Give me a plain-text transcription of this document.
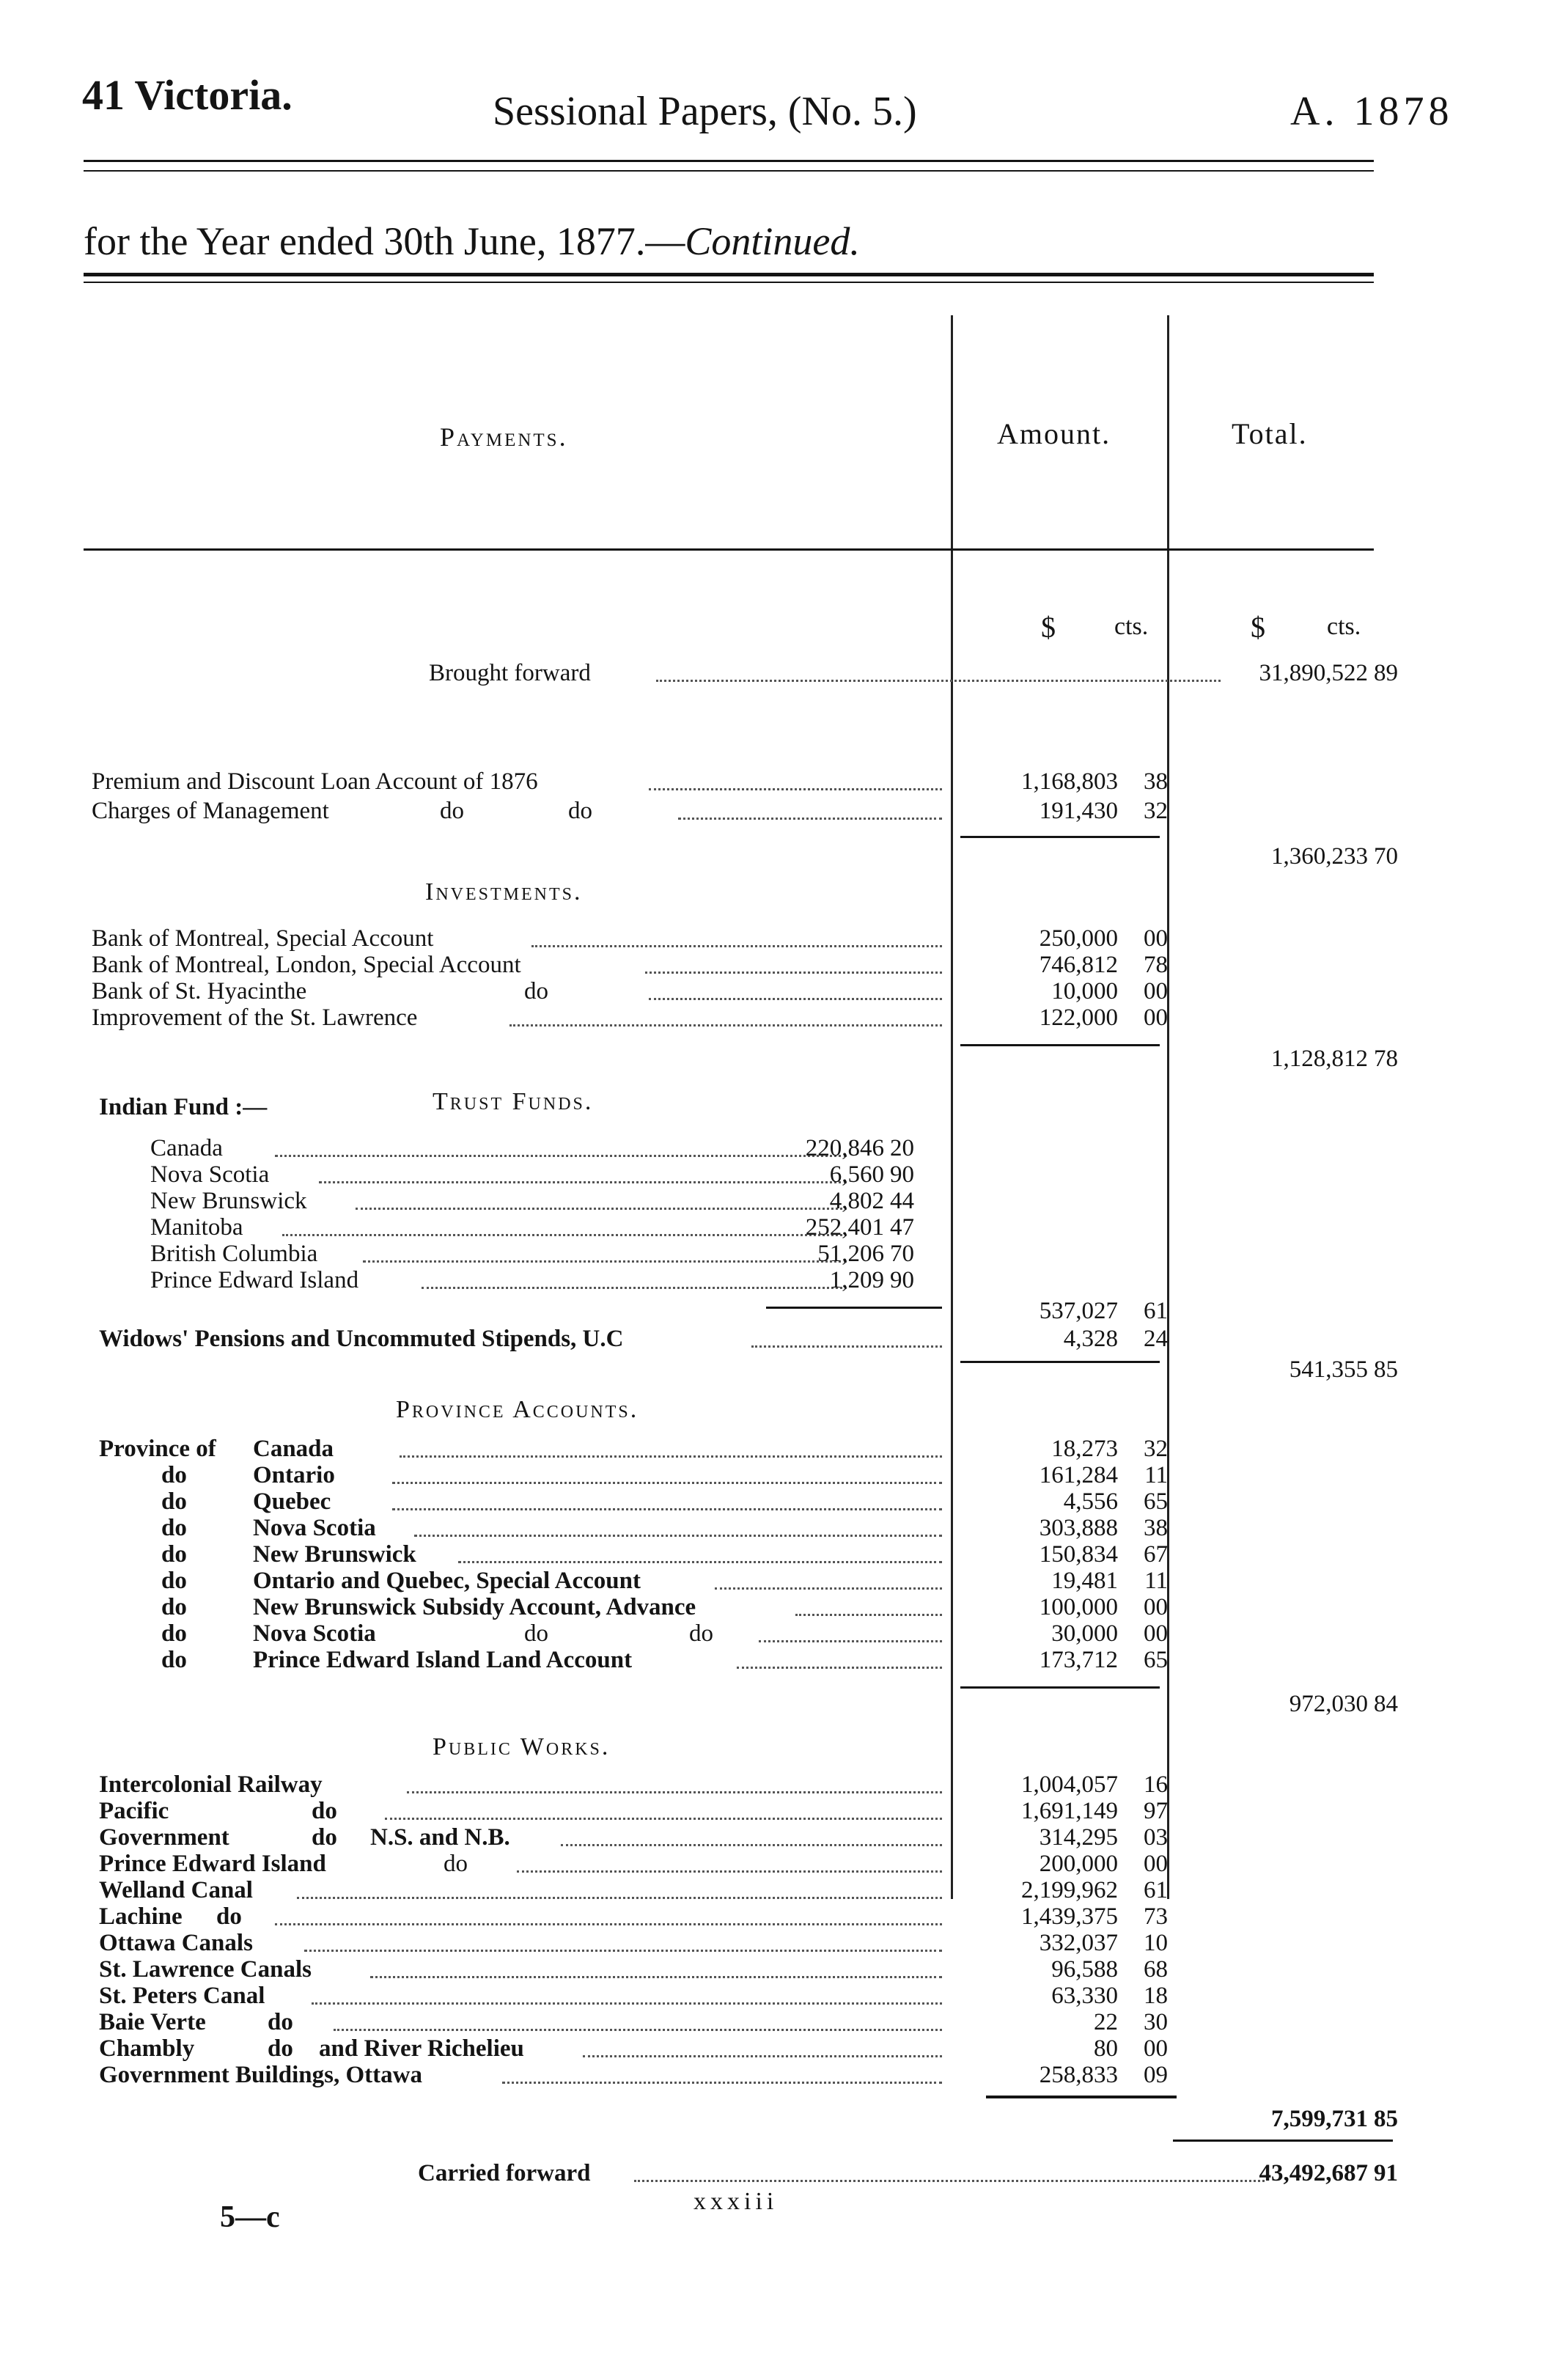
41 Victoria.	Sessional Papers, (No. 5.)	A. 1878
for the Year ended 30th June, 1877.—Continued.
Payments.	Amount.	Total.
$ cts.	$ cts.
Brought forward	31,890,522 89
Premium and Discount Loan Account of 1876	1,168,803	38
Charges of Management	do	do	191,430	32
1,360,233 70
Investments.
Bank of Montreal, Special Account	250,000	00
Bank of Montreal, London, Special Account	746,812	78
Bank of St. Hyacinthe	do	10,000	00
Improvement of the St. Lawrence	122,000	00
1,128,812 78
Trust Funds.
Indian Fund :—
Canada	220,846 20
Nova Scotia	6,560 90
New Brunswick	4,802 44
Manitoba	252,401 47
British Columbia	51,206 70
Prince Edward Island	1,209 90
537,027	61
Widows' Pensions and Uncommuted Stipends, U.C	4,328	24
541,355 85
Province Accounts.
Province of Canada	18,273	32
do	Ontario	161,284	11
do	Quebec	4,556	65
do	Nova Scotia	303,888	38
do	New Brunswick	150,834	67
do	Ontario and Quebec, Special Account	19,481	11
do	New Brunswick Subsidy Account, Advance	100,000	00
do	Nova Scotia	do	do	30,000	00
do	Prince Edward Island Land Account	173,712	65
972,030 84
Public Works.
Intercolonial Railway	1,004,057	16
Pacific	do	1,691,149	97
Government	do N.S. and N.B.	314,295	03
Prince Edward Island	do	200,000	00
Welland Canal	2,199,962	61
Lachine do	1,439,375	73
Ottawa Canals	332,037	10
St. Lawrence Canals	96,588	68
St. Peters Canal	63,330	18
Baie Verte	do	22	30
Chambly	do and River Richelieu	80	00
Government Buildings, Ottawa	258,833	09
7,599,731 85
Carried forward	43,492,687 91
xxxiii
5—c
